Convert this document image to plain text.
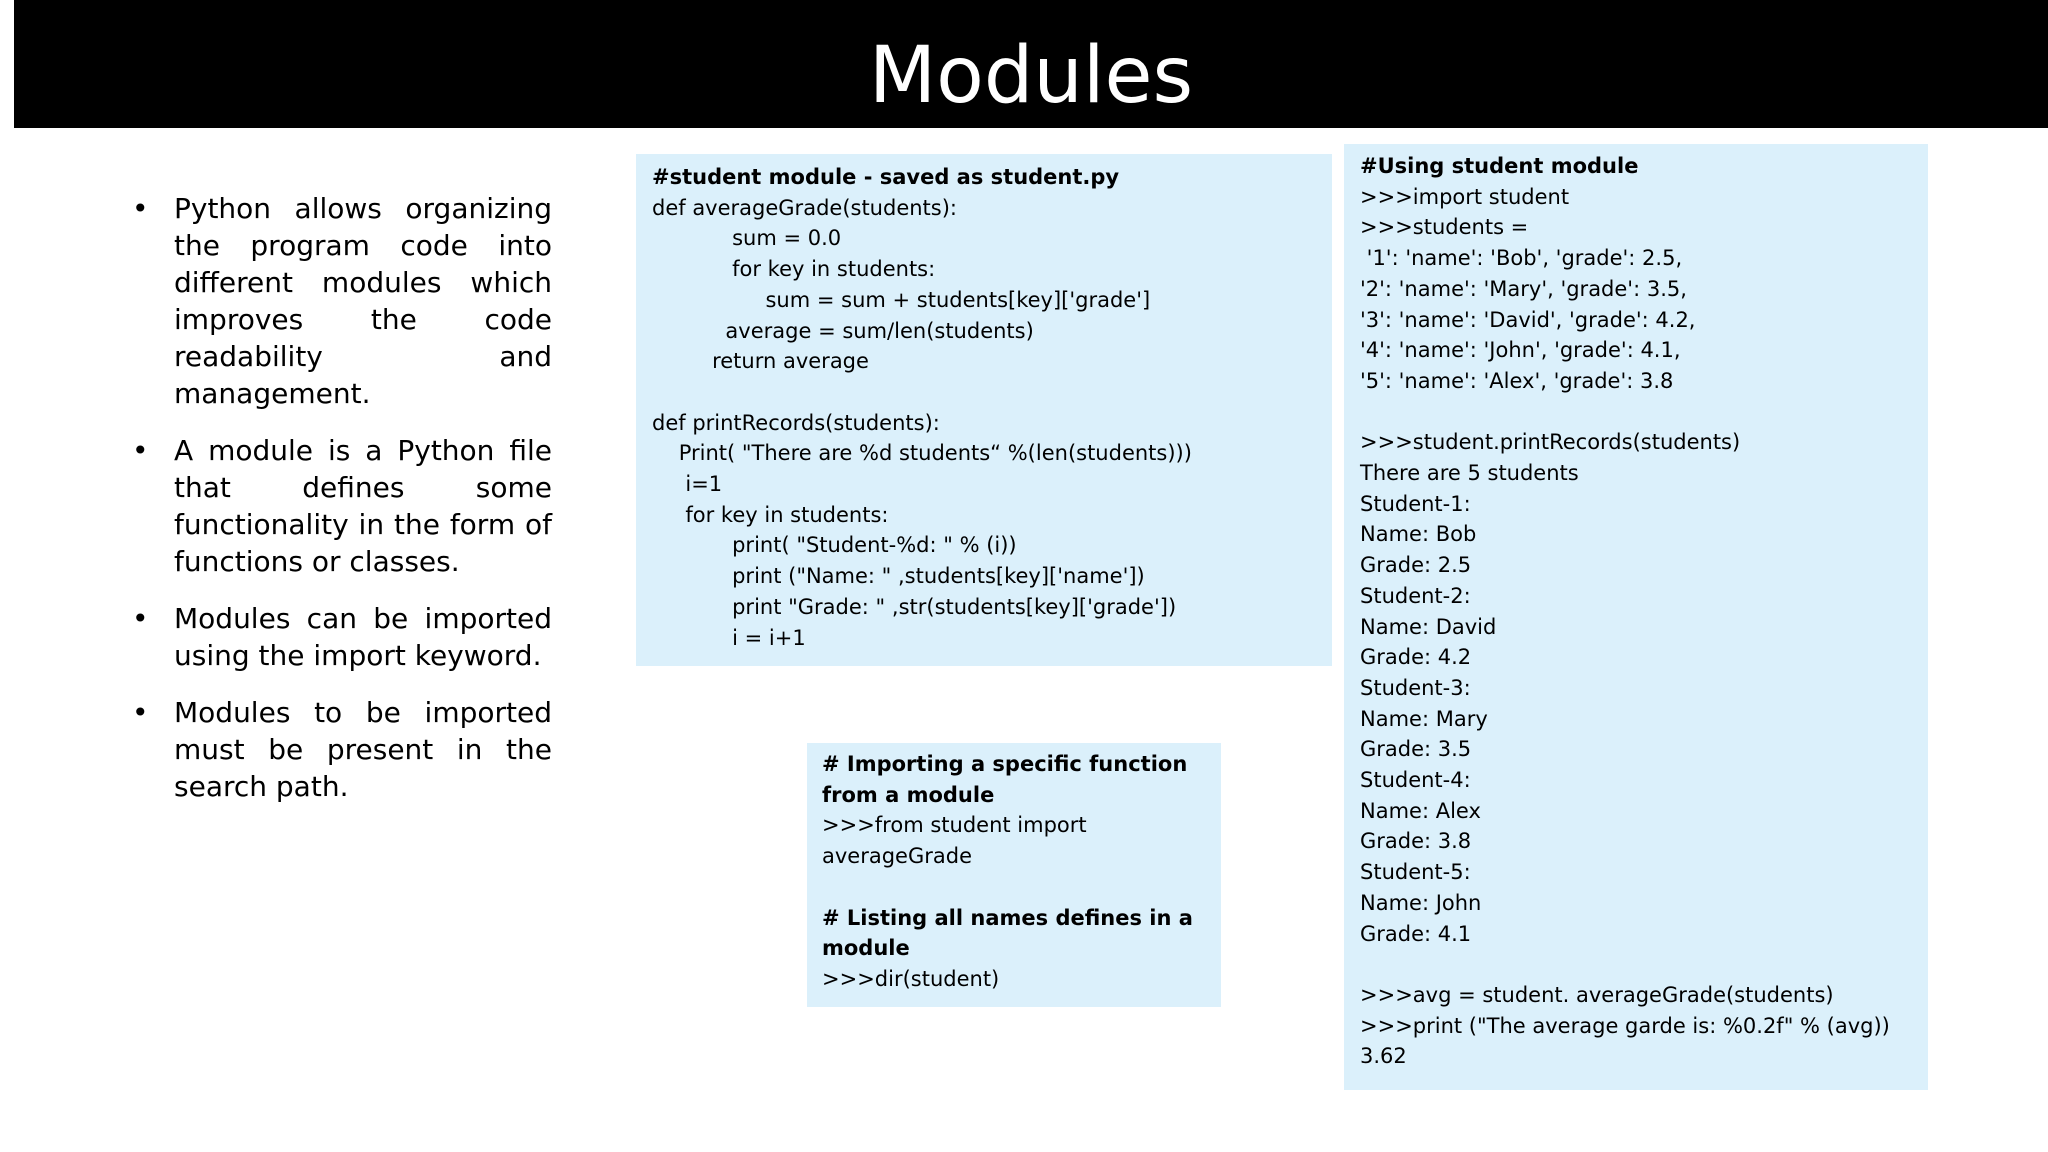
Modules
• Python allows organizing the program code into different modules which improves the code readability and management.
• A module is a Python file that defines some functionality in the form of functions or classes.
• Modules can be imported using the import keyword.
• Modules to be imported must be present in the search path.
#student module - saved as student.py
def averageGrade(students):
sum = 0.0
for key in students:
sum = sum + students[key]['grade']
average = sum/len(students)
return average

def printRecords(students):
Print( "There are %d students“ %(len(students)))
i=1
for key in students:
print( "Student-%d: " % (i))
print ("Name: " ,students[key]['name'])
print "Grade: " ,str(students[key]['grade'])
i = i+1
# Importing a specific function from a module
>>>from student import averageGrade

# Listing all names defines in a module
>>>dir(student)
#Using student module
>>>import student
>>>students =
'1': 'name': 'Bob', 'grade': 2.5,
'2': 'name': 'Mary', 'grade': 3.5,
'3': 'name': 'David', 'grade': 4.2,
'4': 'name': 'John', 'grade': 4.1,
'5': 'name': 'Alex', 'grade': 3.8

>>>student.printRecords(students)
There are 5 students
Student-1:
Name: Bob
Grade: 2.5
Student-2:
Name: David
Grade: 4.2
Student-3:
Name: Mary
Grade: 3.5
Student-4:
Name: Alex
Grade: 3.8
Student-5:
Name: John
Grade: 4.1

>>>avg = student. averageGrade(students)
>>>print ("The average garde is: %0.2f" % (avg))
3.62
